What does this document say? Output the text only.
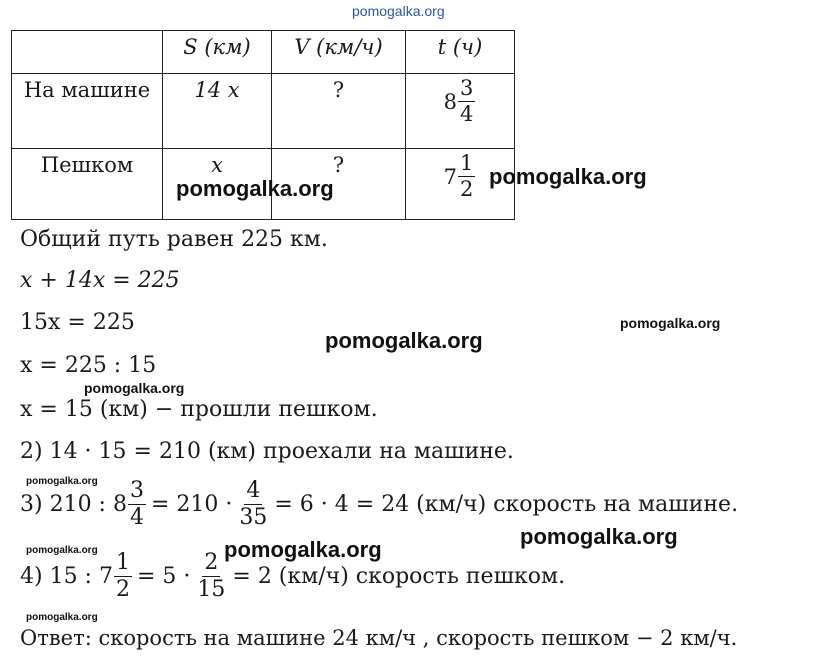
pomogalka.org
	S (км)	V (км/ч)	t (ч)
На машине	14 x	?	$8 \frac{3}{4}$

Пешком	x	?	$7 \frac{1}{2}$
Общий путь равен 225 км.
x + 14x = 225
15x = 225
x = 225 : 15
x = 15 (км) − прошли пешком.
2) 14 · 15 = 210 (км) проехали на машине.
3) 210 : $8 \frac{3}{4} = 210 \cdot \frac{4}{35} = 6 \cdot 4 = 24$ (км/ч) скорость на машине.
4) 15 : $7 \frac{1}{2} = 5 \cdot \frac{2}{15} = 2$ (км/ч) скорость пешком.
Ответ: скорость на машине 24 км/ч , скорость пешком − 2 км/ч.
pomogalka.org	pomogalka.org
pomogalka.org
pomogalka.org
pomogalka.org
pomogalka.org
pomogalka.org	pomogalka.org
pomogalka.org
pomogalka.org
